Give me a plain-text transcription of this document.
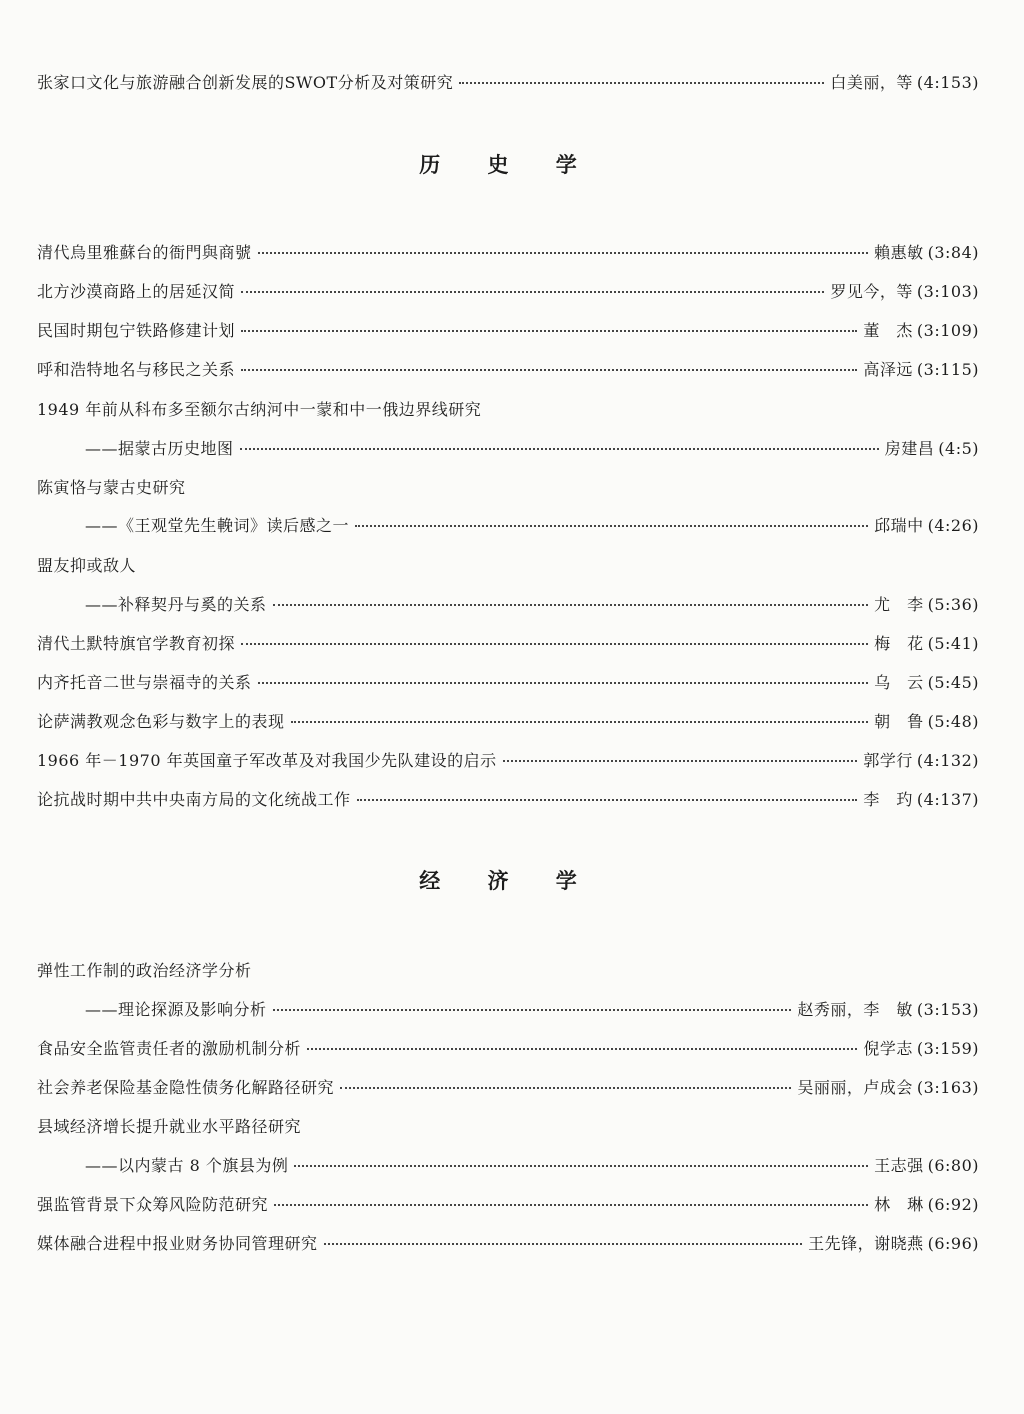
张家口文化与旅游融合创新发展的SWOT分析及对策研究	白美丽，等 (4:153)
历 史 学
清代烏里雅蘇台的衙門與商號	賴惠敏 (3:84)
北方沙漠商路上的居延汉简	罗见今，等 (3:103)
民国时期包宁铁路修建计划	董　杰 (3:109)
呼和浩特地名与移民之关系	高泽远 (3:115)
1949 年前从科布多至额尔古纳河中一蒙和中一俄边界线研究
——据蒙古历史地图	房建昌 (4:5)
陈寅恪与蒙古史研究
——《王观堂先生輓词》读后感之一	邱瑞中 (4:26)
盟友抑或敌人
——补释契丹与奚的关系	尤　李 (5:36)
清代土默特旗官学教育初探	梅　花 (5:41)
内齐托音二世与崇福寺的关系	乌　云 (5:45)
论萨满教观念色彩与数字上的表现	朝　鲁 (5:48)
1966 年－1970 年英国童子军改革及对我国少先队建设的启示	郭学行 (4:132)
论抗战时期中共中央南方局的文化统战工作	李　玓 (4:137)
经 济 学
弹性工作制的政治经济学分析
——理论探源及影响分析	赵秀丽，李　敏 (3:153)
食品安全监管责任者的激励机制分析	倪学志 (3:159)
社会养老保险基金隐性债务化解路径研究	吴丽丽，卢成会 (3:163)
县域经济增长提升就业水平路径研究
——以内蒙古 8 个旗县为例	王志强 (6:80)
强监管背景下众筹风险防范研究	林　琳 (6:92)
媒体融合进程中报业财务协同管理研究	王先锋，谢晓燕 (6:96)
